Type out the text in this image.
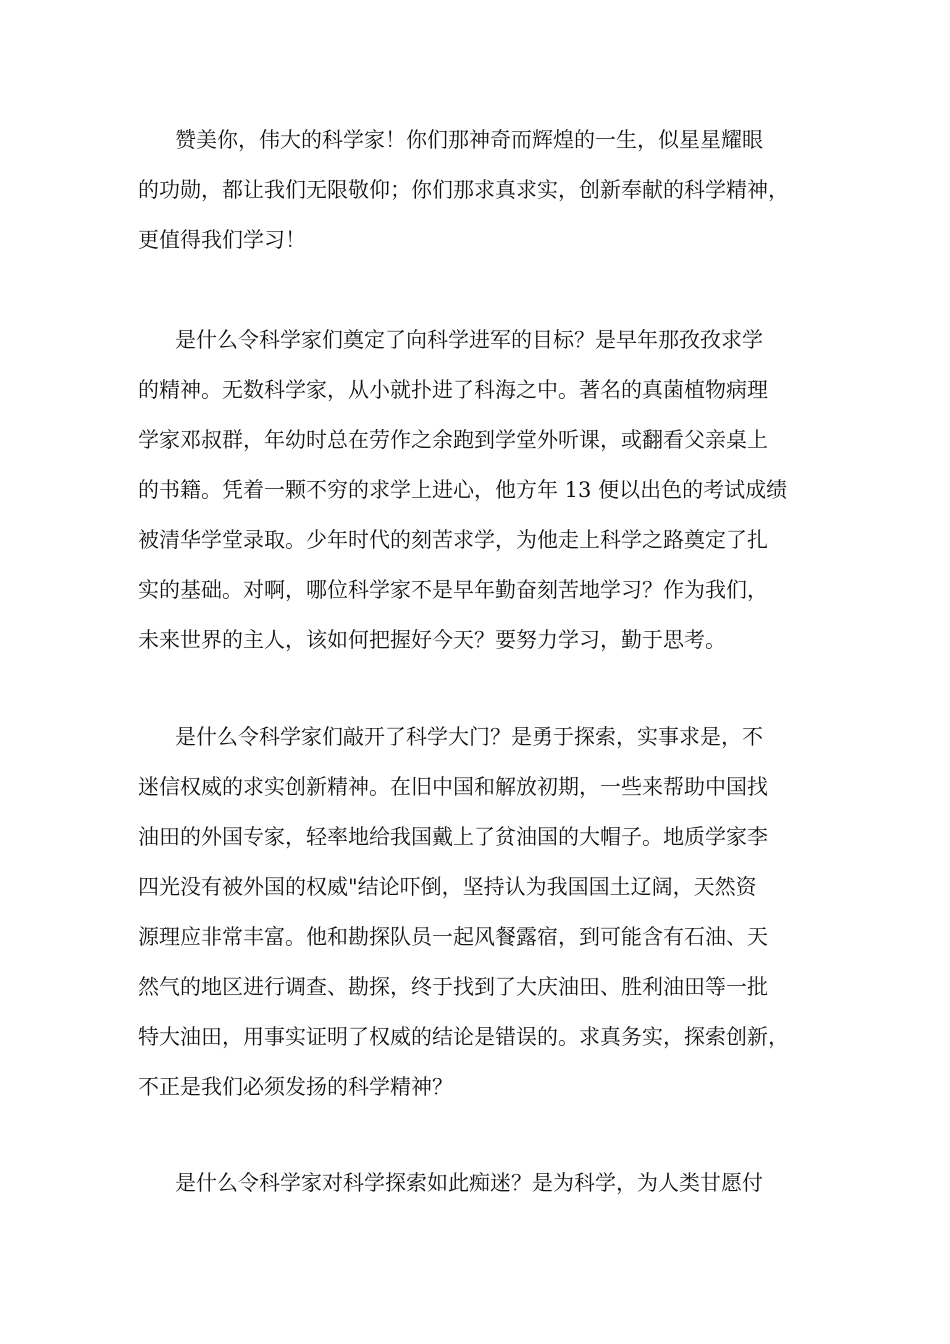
赞美你，伟大的科学家！你们那神奇而辉煌的一生，似星星耀眼

的功勋，都让我们无限敬仰；你们那求真求实，创新奉献的科学精神，

更值得我们学习！

是什么令科学家们奠定了向科学进军的目标？是早年那孜孜求学

的精神。无数科学家，从小就扑进了科海之中。著名的真菌植物病理

学家邓叔群，年幼时总在劳作之余跑到学堂外听课，或翻看父亲桌上

的书籍。凭着一颗不穷的求学上进心，他方年 13 便以出色的考试成绩

被清华学堂录取。少年时代的刻苦求学，为他走上科学之路奠定了扎

实的基础。对啊，哪位科学家不是早年勤奋刻苦地学习？作为我们，

未来世界的主人，该如何把握好今天？要努力学习，勤于思考。

是什么令科学家们敲开了科学大门？是勇于探索，实事求是，不

迷信权威的求实创新精神。在旧中国和解放初期，一些来帮助中国找

油田的外国专家，轻率地给我国戴上了贫油国的大帽子。地质学家李

四光没有被外国的权威"结论吓倒，坚持认为我国国土辽阔，天然资

源理应非常丰富。他和勘探队员一起风餐露宿，到可能含有石油、天

然气的地区进行调查、勘探，终于找到了大庆油田、胜利油田等一批

特大油田，用事实证明了权威的结论是错误的。求真务实，探索创新，

不正是我们必须发扬的科学精神？

是什么令科学家对科学探索如此痴迷？是为科学，为人类甘愿付
